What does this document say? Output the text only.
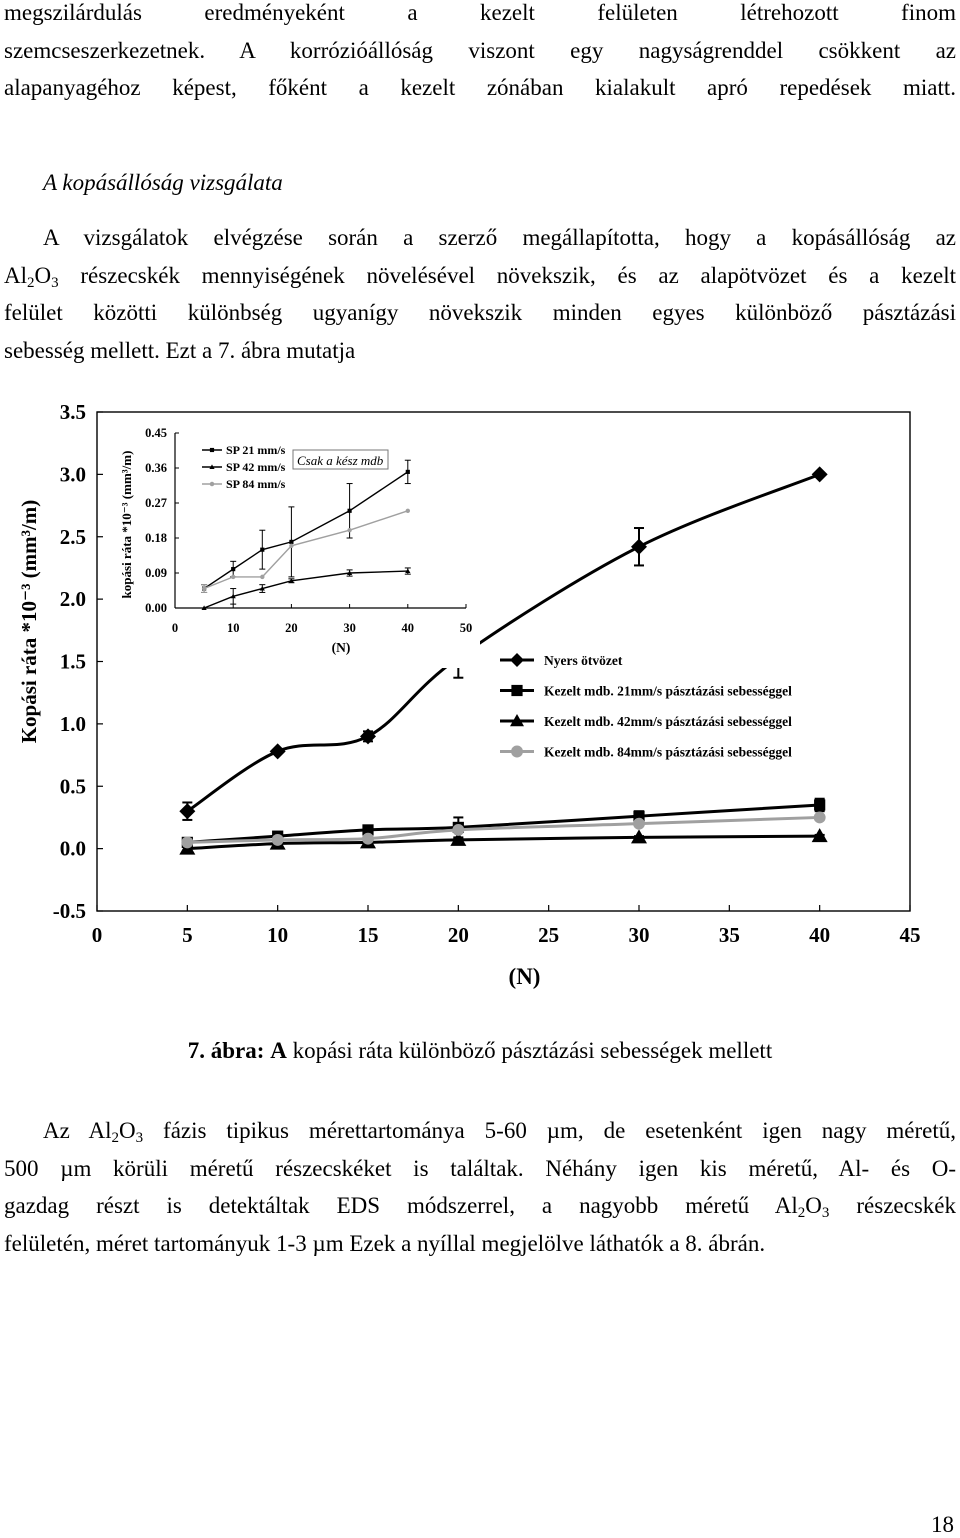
megszilárdulás eredményeként a kezelt felületen létrehozott finom
szemcseszerkezetnek. A korrózióállóság viszont egy nagyságrenddel csökkent az
alapanyagéhoz képest, főként a kezelt zónában kialakult apró repedések miatt.
A kopásállóság vizsgálata
A vizsgálatok elvégzése során a szerző megállapította, hogy a kopásállóság az
$Al_2O_3$ részecskék mennyiségének növelésével növekszik, és az alapötvözet és a kezelt
felület közötti különbség ugyanígy növekszik minden egyes különböző pásztázási
sebesség mellett. Ezt a 7. ábra mutatja
0	5	10	15	20	25	30	35	40	45
-0.5
0.0
0.5
1.0
1.5
2.0
2.5
3.0
3.5
(N)
Kopási ráta *10⁻³ (mm³/m)	Nyers ötvözet
Kezelt mdb. 21mm/s pásztázási sebességgel
Kezelt mdb. 42mm/s pásztázási sebességgel
Kezelt mdb. 84mm/s pásztázási sebességgel
0	10	20	30	40	50
0.00
0.09
0.18
0.27
0.36
0.45
(N)
kopási ráta *10⁻³ (mm³/m)
SP 21 mm/s
SP 42 mm/s
SP 84 mm/s
Csak a kész mdb
7. ábra: A kopási ráta különböző pásztázási sebességek mellett
Az $Al_2O_3$ fázis tipikus mérettartománya 5-60 µm, de esetenként igen nagy méretű,
500 µm körüli méretű részecskéket is találtak. Néhány igen kis méretű, Al- és O-
gazdag részt is detektáltak EDS módszerrel, a nagyobb méretű $Al_2O_3$ részecskék
felületén, méret tartományuk 1-3 µm Ezek a nyíllal megjelölve láthatók a 8. ábrán.
18
